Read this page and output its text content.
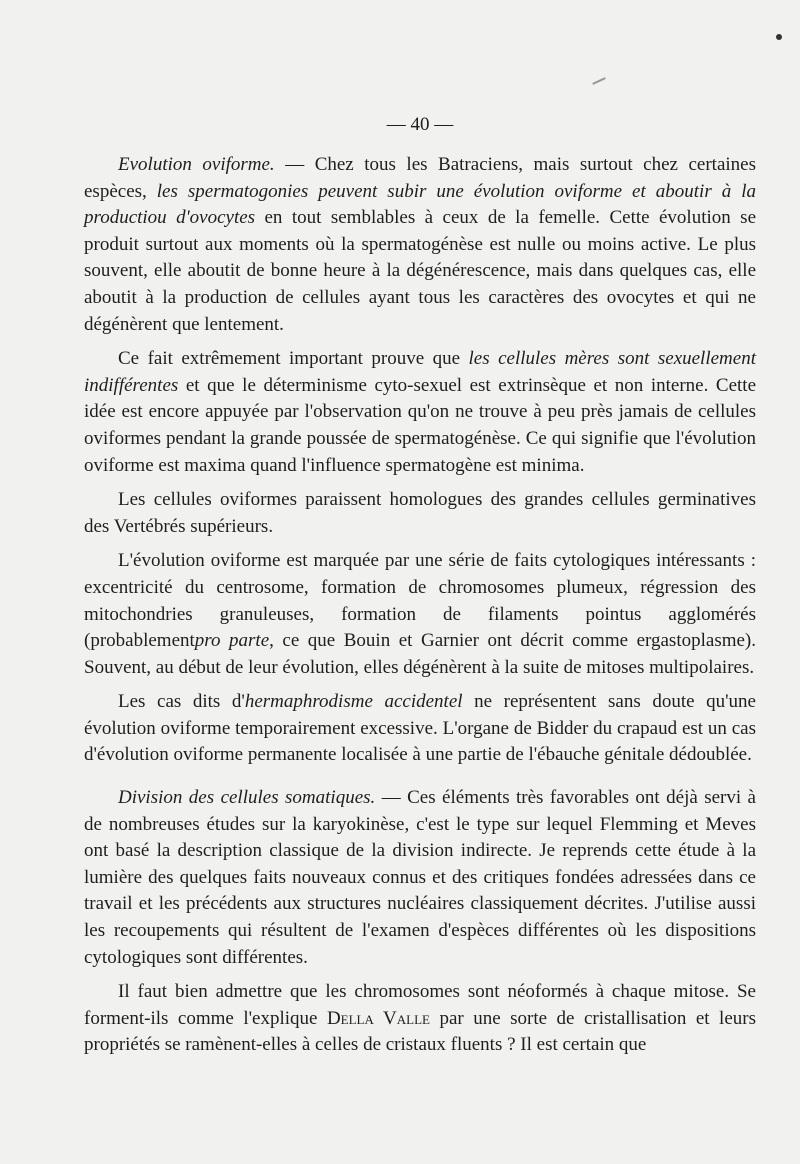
— 40 —

Evolution oviforme. — Chez tous les Batraciens, mais surtout chez certaines espèces, les spermatogonies peuvent subir une évolution oviforme et aboutir à la productiou d'ovocytes en tout semblables à ceux de la femelle. Cette évolution se produit surtout aux moments où la spermatogénèse est nulle ou moins active. Le plus souvent, elle aboutit de bonne heure à la dégénérescence, mais dans quelques cas, elle aboutit à la production de cellules ayant tous les caractères des ovocytes et qui ne dégénèrent que lentement.

Ce fait extrêmement important prouve que les cellules mères sont sexuellement indifférentes et que le déterminisme cyto-sexuel est extrinsèque et non interne. Cette idée est encore appuyée par l'observation qu'on ne trouve à peu près jamais de cellules oviformes pendant la grande poussée de spermatogénèse. Ce qui signifie que l'évolution oviforme est maxima quand l'influence spermatogène est minima.

Les cellules oviformes paraissent homologues des grandes cellules germinatives des Vertébrés supérieurs.

L'évolution oviforme est marquée par une série de faits cytologiques intéressants : excentricité du centrosome, formation de chromosomes plumeux, régression des mitochondries granuleuses, formation de filaments pointus agglomérés (probablementpro parte, ce que Bouin et Garnier ont décrit comme ergastoplasme). Souvent, au début de leur évolution, elles dégénèrent à la suite de mitoses multipolaires.

Les cas dits d'hermaphrodisme accidentel ne représentent sans doute qu'une évolution oviforme temporairement excessive. L'organe de Bidder du crapaud est un cas d'évolution oviforme permanente localisée à une partie de l'ébauche génitale dédoublée.

Division des cellules somatiques. — Ces éléments très favorables ont déjà servi à de nombreuses études sur la karyokinèse, c'est le type sur lequel Flemming et Meves ont basé la description classique de la division indirecte. Je reprends cette étude à la lumière des quelques faits nouveaux connus et des critiques fondées adressées dans ce travail et les précédents aux structures nucléaires classiquement décrites. J'utilise aussi les recoupements qui résultent de l'examen d'espèces différentes où les dispositions cytologiques sont différentes.

Il faut bien admettre que les chromosomes sont néoformés à chaque mitose. Se forment-ils comme l'explique Della Valle par une sorte de cristallisation et leurs propriétés se ramènent-elles à celles de cristaux fluents ? Il est certain que
